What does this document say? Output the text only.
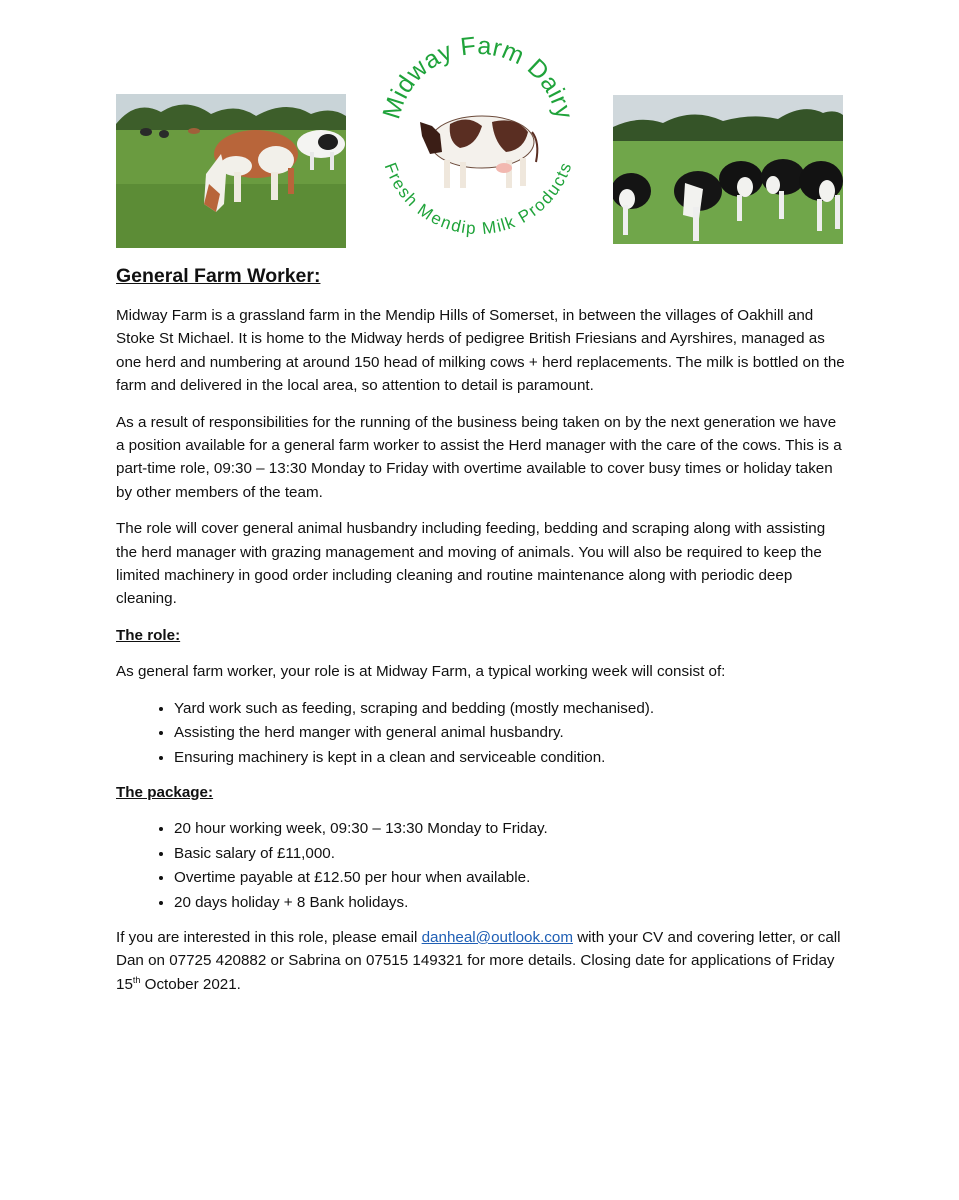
Midway Farm Dairy
Fresh Mendip Milk Products
General Farm Worker:

Midway Farm is a grassland farm in the Mendip Hills of Somerset, in between the villages of Oakhill and Stoke St Michael. It is home to the Midway herds of pedigree British Friesians and Ayrshires, managed as one herd and numbering at around 150 head of milking cows + herd replacements. The milk is bottled on the farm and delivered in the local area, so attention to detail is paramount.

As a result of responsibilities for the running of the business being taken on by the next generation we have a position available for a general farm worker to assist the Herd manager with the care of the cows. This is a part-time role, 09:30 – 13:30 Monday to Friday with overtime available to cover busy times or holiday taken by other members of the team.

The role will cover general animal husbandry including feeding, bedding and scraping along with assisting the herd manager with grazing management and moving of animals. You will also be required to keep the limited machinery in good order including cleaning and routine maintenance along with periodic deep cleaning.

The role:

As general farm worker, your role is at Midway Farm, a typical working week will consist of:

• Yard work such as feeding, scraping and bedding (mostly mechanised).
• Assisting the herd manger with general animal husbandry.
• Ensuring machinery is kept in a clean and serviceable condition.
The package:
• 20 hour working week, 09:30 – 13:30 Monday to Friday.
• Basic salary of £11,000.
• Overtime payable at £12.50 per hour when available.
• 20 days holiday + 8 Bank holidays.

If you are interested in this role, please email danheal@outlook.com with your CV and covering letter, or call Dan on 07725 420882 or Sabrina on 07515 149321 for more details. Closing date for applications of Friday 15th October 2021.
